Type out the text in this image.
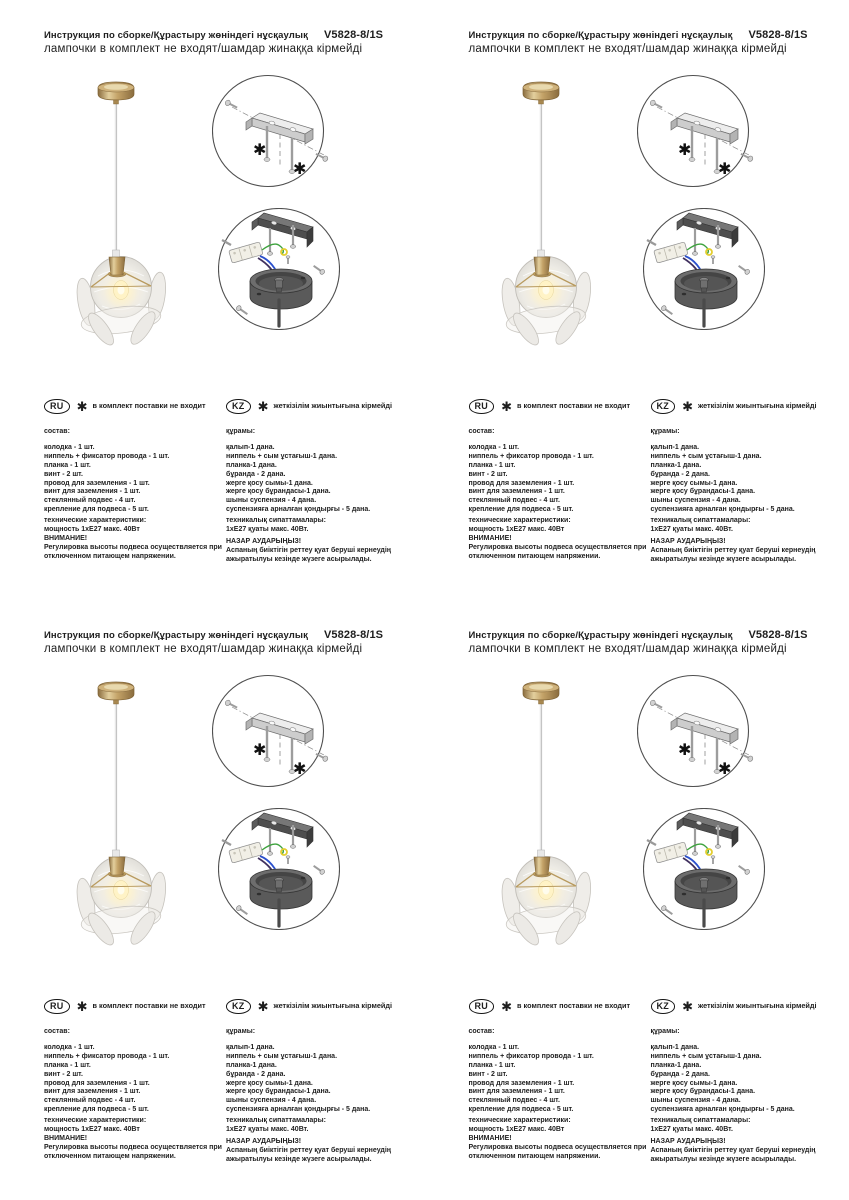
Инструкция по сборке/Құрастыру жөніндегі нұсқаулық V5828-8/1S
лампочки в комплект не входят/шамдар жинаққа кірмейді
✱
✱
RU	✱ в комплект поставки не входит
состав:
колодка - 1 шт.
ниппель + фиксатор провода - 1 шт.
планка - 1 шт.
винт - 2 шт.
провод для заземления - 1 шт.
винт для заземления - 1 шт.
стеклянный подвес - 4 шт.
крепление для подвеса - 5 шт.
технические характеристики:
мощность 1хЕ27 макс. 40Вт
ВНИМАНИЕ!
Регулировка высоты подвеса осуществляется при отключенном питающем напряжении.
KZ	✱ жеткізілім жиынтығына кірмейді
құрамы:
қалып-1 дана.
ниппель + сым ұстағыш-1 дана.
планка-1 дана.
бұранда - 2 дана.
жерге қосу сымы-1 дана.
жерге қосу бұрандасы-1 дана.
шыны суспензия - 4 дана.
суспензияға арналған қондырғы - 5 дана.
техникалық сипаттамалары:
1хЕ27 қуаты макс. 40Вт.
НАЗАР АУДАРЫҢЫЗ!
Аспаның биіктігін реттеу қуат беруші кернеудің ажыратылуы кезінде жүзеге асырылады.
Инструкция по сборке/Құрастыру жөніндегі нұсқаулық V5828-8/1S
лампочки в комплект не входят/шамдар жинаққа кірмейді
✱
✱
RU	✱ в комплект поставки не входит
состав:
колодка - 1 шт.
ниппель + фиксатор провода - 1 шт.
планка - 1 шт.
винт - 2 шт.
провод для заземления - 1 шт.
винт для заземления - 1 шт.
стеклянный подвес - 4 шт.
крепление для подвеса - 5 шт.
технические характеристики:
мощность 1хЕ27 макс. 40Вт
ВНИМАНИЕ!
Регулировка высоты подвеса осуществляется при отключенном питающем напряжении.
KZ	✱ жеткізілім жиынтығына кірмейді
құрамы:
қалып-1 дана.
ниппель + сым ұстағыш-1 дана.
планка-1 дана.
бұранда - 2 дана.
жерге қосу сымы-1 дана.
жерге қосу бұрандасы-1 дана.
шыны суспензия - 4 дана.
суспензияға арналған қондырғы - 5 дана.
техникалық сипаттамалары:
1хЕ27 қуаты макс. 40Вт.
НАЗАР АУДАРЫҢЫЗ!
Аспаның биіктігін реттеу қуат беруші кернеудің ажыратылуы кезінде жүзеге асырылады.
Инструкция по сборке/Құрастыру жөніндегі нұсқаулық V5828-8/1S
лампочки в комплект не входят/шамдар жинаққа кірмейді
✱
✱
RU	✱ в комплект поставки не входит
состав:
колодка - 1 шт.
ниппель + фиксатор провода - 1 шт.
планка - 1 шт.
винт - 2 шт.
провод для заземления - 1 шт.
винт для заземления - 1 шт.
стеклянный подвес - 4 шт.
крепление для подвеса - 5 шт.
технические характеристики:
мощность 1хЕ27 макс. 40Вт
ВНИМАНИЕ!
Регулировка высоты подвеса осуществляется при отключенном питающем напряжении.
KZ	✱ жеткізілім жиынтығына кірмейді
құрамы:
қалып-1 дана.
ниппель + сым ұстағыш-1 дана.
планка-1 дана.
бұранда - 2 дана.
жерге қосу сымы-1 дана.
жерге қосу бұрандасы-1 дана.
шыны суспензия - 4 дана.
суспензияға арналған қондырғы - 5 дана.
техникалық сипаттамалары:
1хЕ27 қуаты макс. 40Вт.
НАЗАР АУДАРЫҢЫЗ!
Аспаның биіктігін реттеу қуат беруші кернеудің ажыратылуы кезінде жүзеге асырылады.
Инструкция по сборке/Құрастыру жөніндегі нұсқаулық V5828-8/1S
лампочки в комплект не входят/шамдар жинаққа кірмейді
✱
✱
RU	✱ в комплект поставки не входит
состав:
колодка - 1 шт.
ниппель + фиксатор провода - 1 шт.
планка - 1 шт.
винт - 2 шт.
провод для заземления - 1 шт.
винт для заземления - 1 шт.
стеклянный подвес - 4 шт.
крепление для подвеса - 5 шт.
технические характеристики:
мощность 1хЕ27 макс. 40Вт
ВНИМАНИЕ!
Регулировка высоты подвеса осуществляется при отключенном питающем напряжении.
KZ	✱ жеткізілім жиынтығына кірмейді
құрамы:
қалып-1 дана.
ниппель + сым ұстағыш-1 дана.
планка-1 дана.
бұранда - 2 дана.
жерге қосу сымы-1 дана.
жерге қосу бұрандасы-1 дана.
шыны суспензия - 4 дана.
суспензияға арналған қондырғы - 5 дана.
техникалық сипаттамалары:
1хЕ27 қуаты макс. 40Вт.
НАЗАР АУДАРЫҢЫЗ!
Аспаның биіктігін реттеу қуат беруші кернеудің ажыратылуы кезінде жүзеге асырылады.
